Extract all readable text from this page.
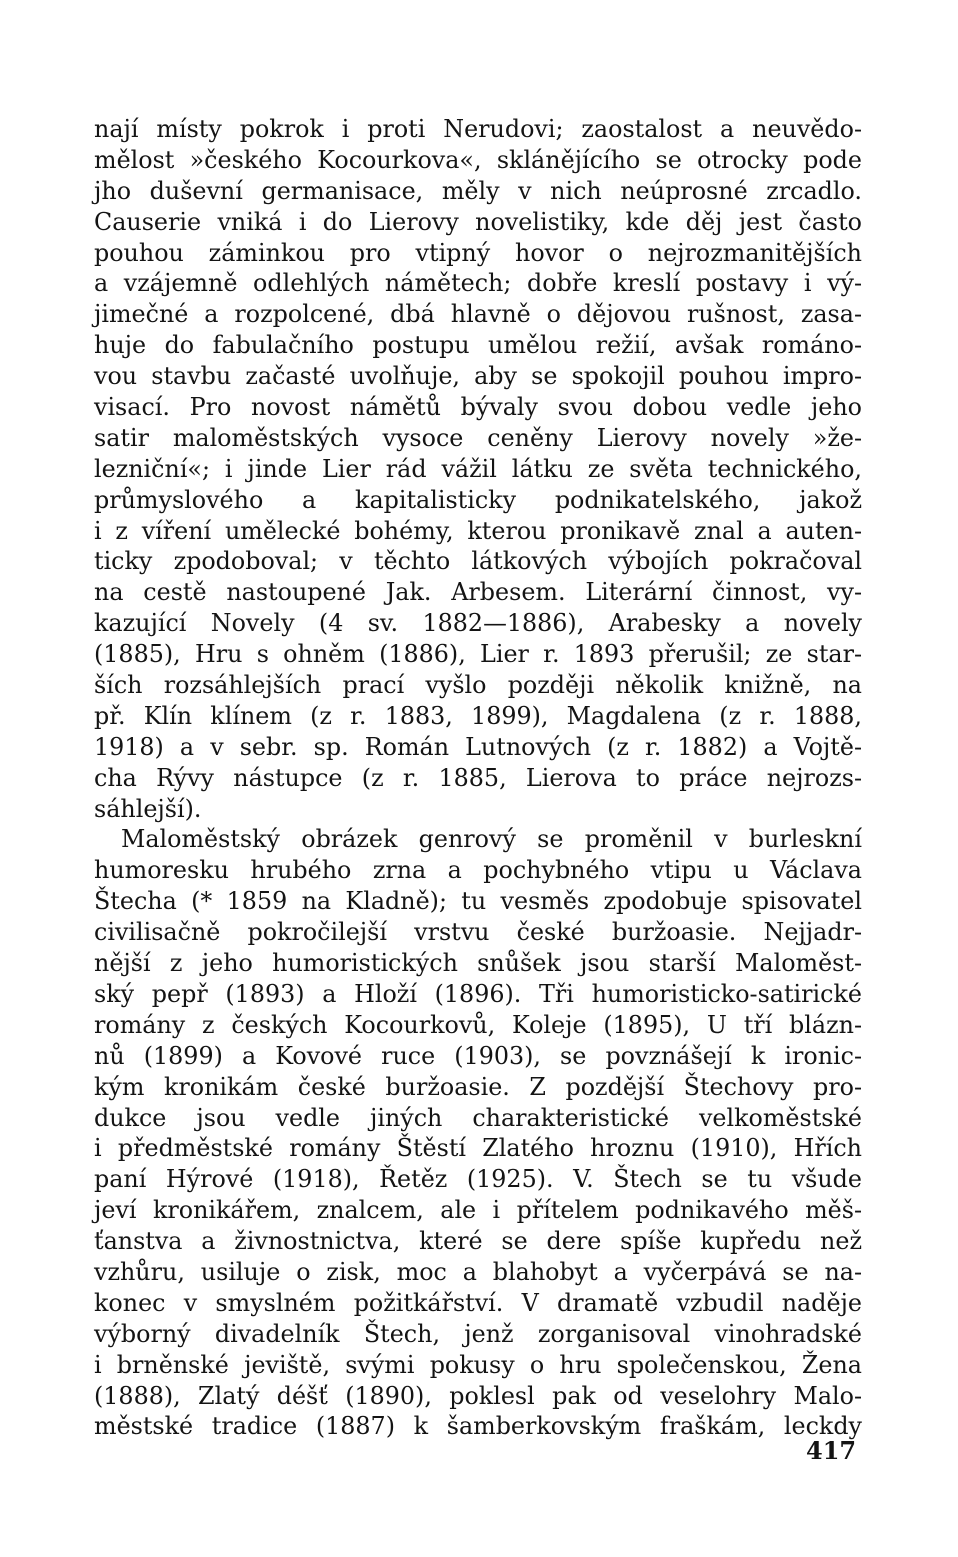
nají místy pokrok i proti Nerudovi; zaostalost a neuvědo-
mělost »českého Kocourkova«, sklánějícího se otrocky pode
jho duševní germanisace, měly v nich neúprosné zrcadlo.
Causerie vniká i do Lierovy novelistiky, kde děj jest často
pouhou záminkou pro vtipný hovor o nejrozmanitějších
a vzájemně odlehlých námětech; dobře kreslí postavy i vý-
jimečné a rozpolcené, dbá hlavně o dějovou rušnost, zasa-
huje do fabulačního postupu umělou režií, avšak románo-
vou stavbu začasté uvolňuje, aby se spokojil pouhou impro-
visací. Pro novost námětů bývaly svou dobou vedle jeho
satir maloměstských vysoce ceněny Lierovy novely »že-
lezniční«; i jinde Lier rád vážil látku ze světa technického,
průmyslového a kapitalisticky podnikatelského, jakož
i z víření umělecké bohémy, kterou pronikavě znal a auten-
ticky zpodoboval; v těchto látkových výbojích pokračoval
na cestě nastoupené Jak. Arbesem. Literární činnost, vy-
kazující Novely (4 sv. 1882—1886), Arabesky a novely
(1885), Hru s ohněm (1886), Lier r. 1893 přerušil; ze star-
ších rozsáhlejších prací vyšlo později několik knižně, na
př. Klín klínem (z r. 1883, 1899), Magdalena (z r. 1888,
1918) a v sebr. sp. Román Lutnových (z r. 1882) a Vojtě-
cha Rývy nástupce (z r. 1885, Lierova to práce nejrozs-
sáhlejší).
Maloměstský obrázek genrový se proměnil v burleskní
humoresku hrubého zrna a pochybného vtipu u Václava
Štecha (* 1859 na Kladně); tu vesměs zpodobuje spisovatel
civilisačně pokročilejší vrstvu české buržoasie. Nejjadr-
nější z jeho humoristických snůšek jsou starší Maloměst-
ský pepř (1893) a Hloží (1896). Tři humoristicko-satirické
romány z českých Kocourkovů, Koleje (1895), U tří blázn-
nů (1899) a Kovové ruce (1903), se povznášejí k ironic-
kým kronikám české buržoasie. Z pozdější Štechovy pro-
dukce jsou vedle jiných charakteristické velkoměstské
i předměstské romány Štěstí Zlatého hroznu (1910), Hřích
paní Hýrové (1918), Řetěz (1925). V. Štech se tu všude
jeví kronikářem, znalcem, ale i přítelem podnikavého měš-
ťanstva a živnostnictva, které se dere spíše kupředu než
vzhůru, usiluje o zisk, moc a blahobyt a vyčerpává se na-
konec v smyslném požitkářství. V dramatě vzbudil naděje
výborný divadelník Štech, jenž zorganisoval vinohradské
i brněnské jeviště, svými pokusy o hru společenskou, Žena
(1888), Zlatý déšť (1890), poklesl pak od veselohry Malo-
městské tradice (1887) k šamberkovským fraškám, leckdy
417
